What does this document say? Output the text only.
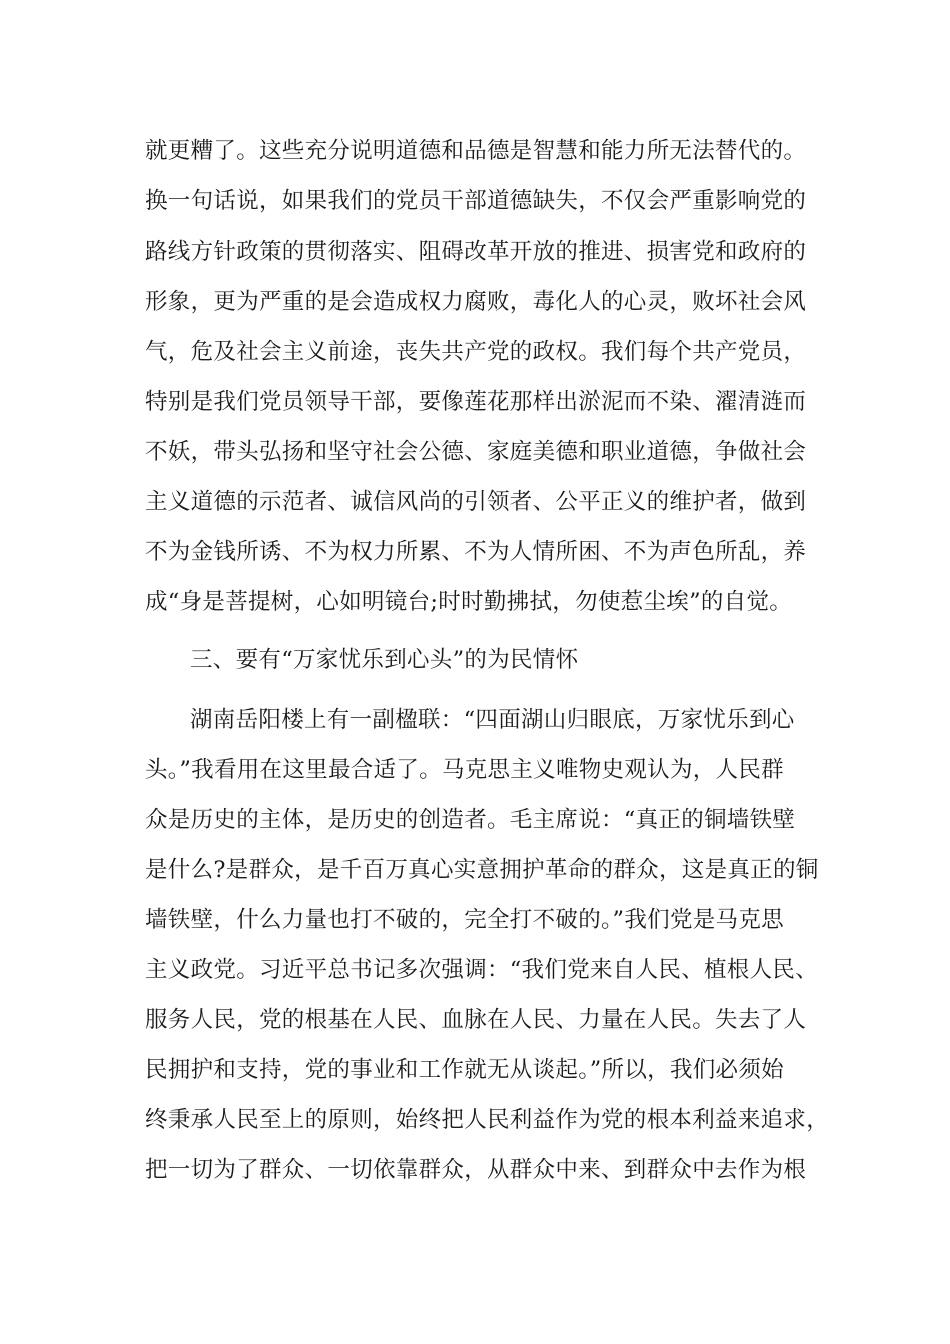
就更糟了。这些充分说明道德和品德是智慧和能力所无法替代的。
换一句话说，如果我们的党员干部道德缺失，不仅会严重影响党的
路线方针政策的贯彻落实、阻碍改革开放的推进、损害党和政府的
形象，更为严重的是会造成权力腐败，毒化人的心灵，败坏社会风
气，危及社会主义前途，丧失共产党的政权。我们每个共产党员，
特别是我们党员领导干部，要像莲花那样出淤泥而不染、濯清涟而
不妖，带头弘扬和坚守社会公德、家庭美德和职业道德，争做社会
主义道德的示范者、诚信风尚的引领者、公平正义的维护者，做到
不为金钱所诱、不为权力所累、不为人情所困、不为声色所乱，养
成“身是菩提树，心如明镜台;时时勤拂拭，勿使惹尘埃”的自觉。
三、要有“万家忧乐到心头”的为民情怀
湖南岳阳楼上有一副楹联：“四面湖山归眼底，万家忧乐到心
头。”我看用在这里最合适了。马克思主义唯物史观认为，人民群
众是历史的主体，是历史的创造者。毛主席说：“真正的铜墙铁壁
是什么?是群众，是千百万真心实意拥护革命的群众，这是真正的铜
墙铁壁，什么力量也打不破的，完全打不破的。”我们党是马克思
主义政党。习近平总书记多次强调：“我们党来自人民、植根人民、
服务人民，党的根基在人民、血脉在人民、力量在人民。失去了人
民拥护和支持，党的事业和工作就无从谈起。”所以，我们必须始
终秉承人民至上的原则，始终把人民利益作为党的根本利益来追求，
把一切为了群众、一切依靠群众，从群众中来、到群众中去作为根
